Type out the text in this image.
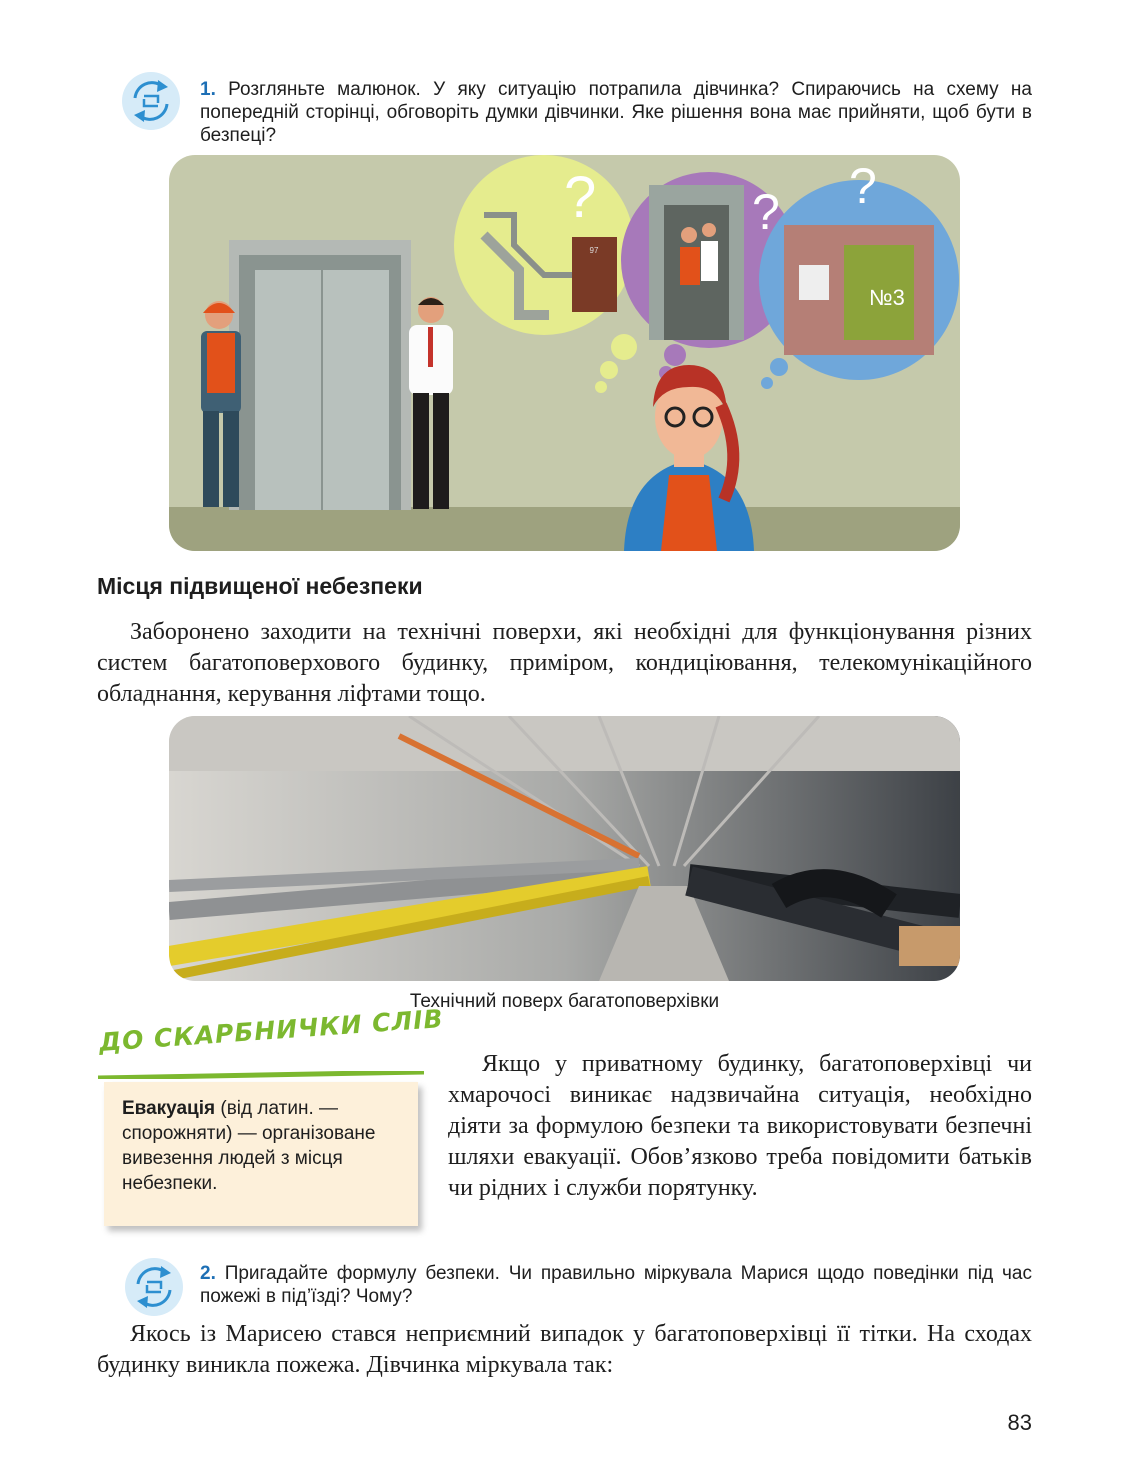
1. Розгляньте малюнок. У яку ситуацію потрапила дівчинка? Спираючись на схему на попередній сторінці, обговоріть думки дівчинки. Яке рішення вона має прийняти, щоб бути в безпеці?
97
?	?
№3
?
Місця підвищеної небезпеки
Заборонено заходити на технічні поверхи, які необхідні для функціонування різних систем багатоповерхового будинку, приміром, кондиціювання, телекомунікаційного обладнання, керування ліфтами тощо.
Технічний поверх багатоповерхівки
ДО СКАРБНИЧКИ СЛІВ
Евакуація (від латин. — спорожняти) — організоване вивезення людей з місця небезпеки.
Якщо у приватному будинку, багатоповерхівці чи хмарочосі виникає надзвичайна ситуація, необхідно діяти за формулою безпеки та використовувати безпечні шляхи евакуації. Обов’язково треба повідомити батьків чи рідних і служби порятунку.
2. Пригадайте формулу безпеки. Чи правильно міркувала Марися щодо поведінки під час пожежі в під’їзді? Чому?
Якось із Марисею стався неприємний випадок у багатоповерхівці її тітки. На сходах будинку виникла пожежа. Дівчинка міркувала так:
83
